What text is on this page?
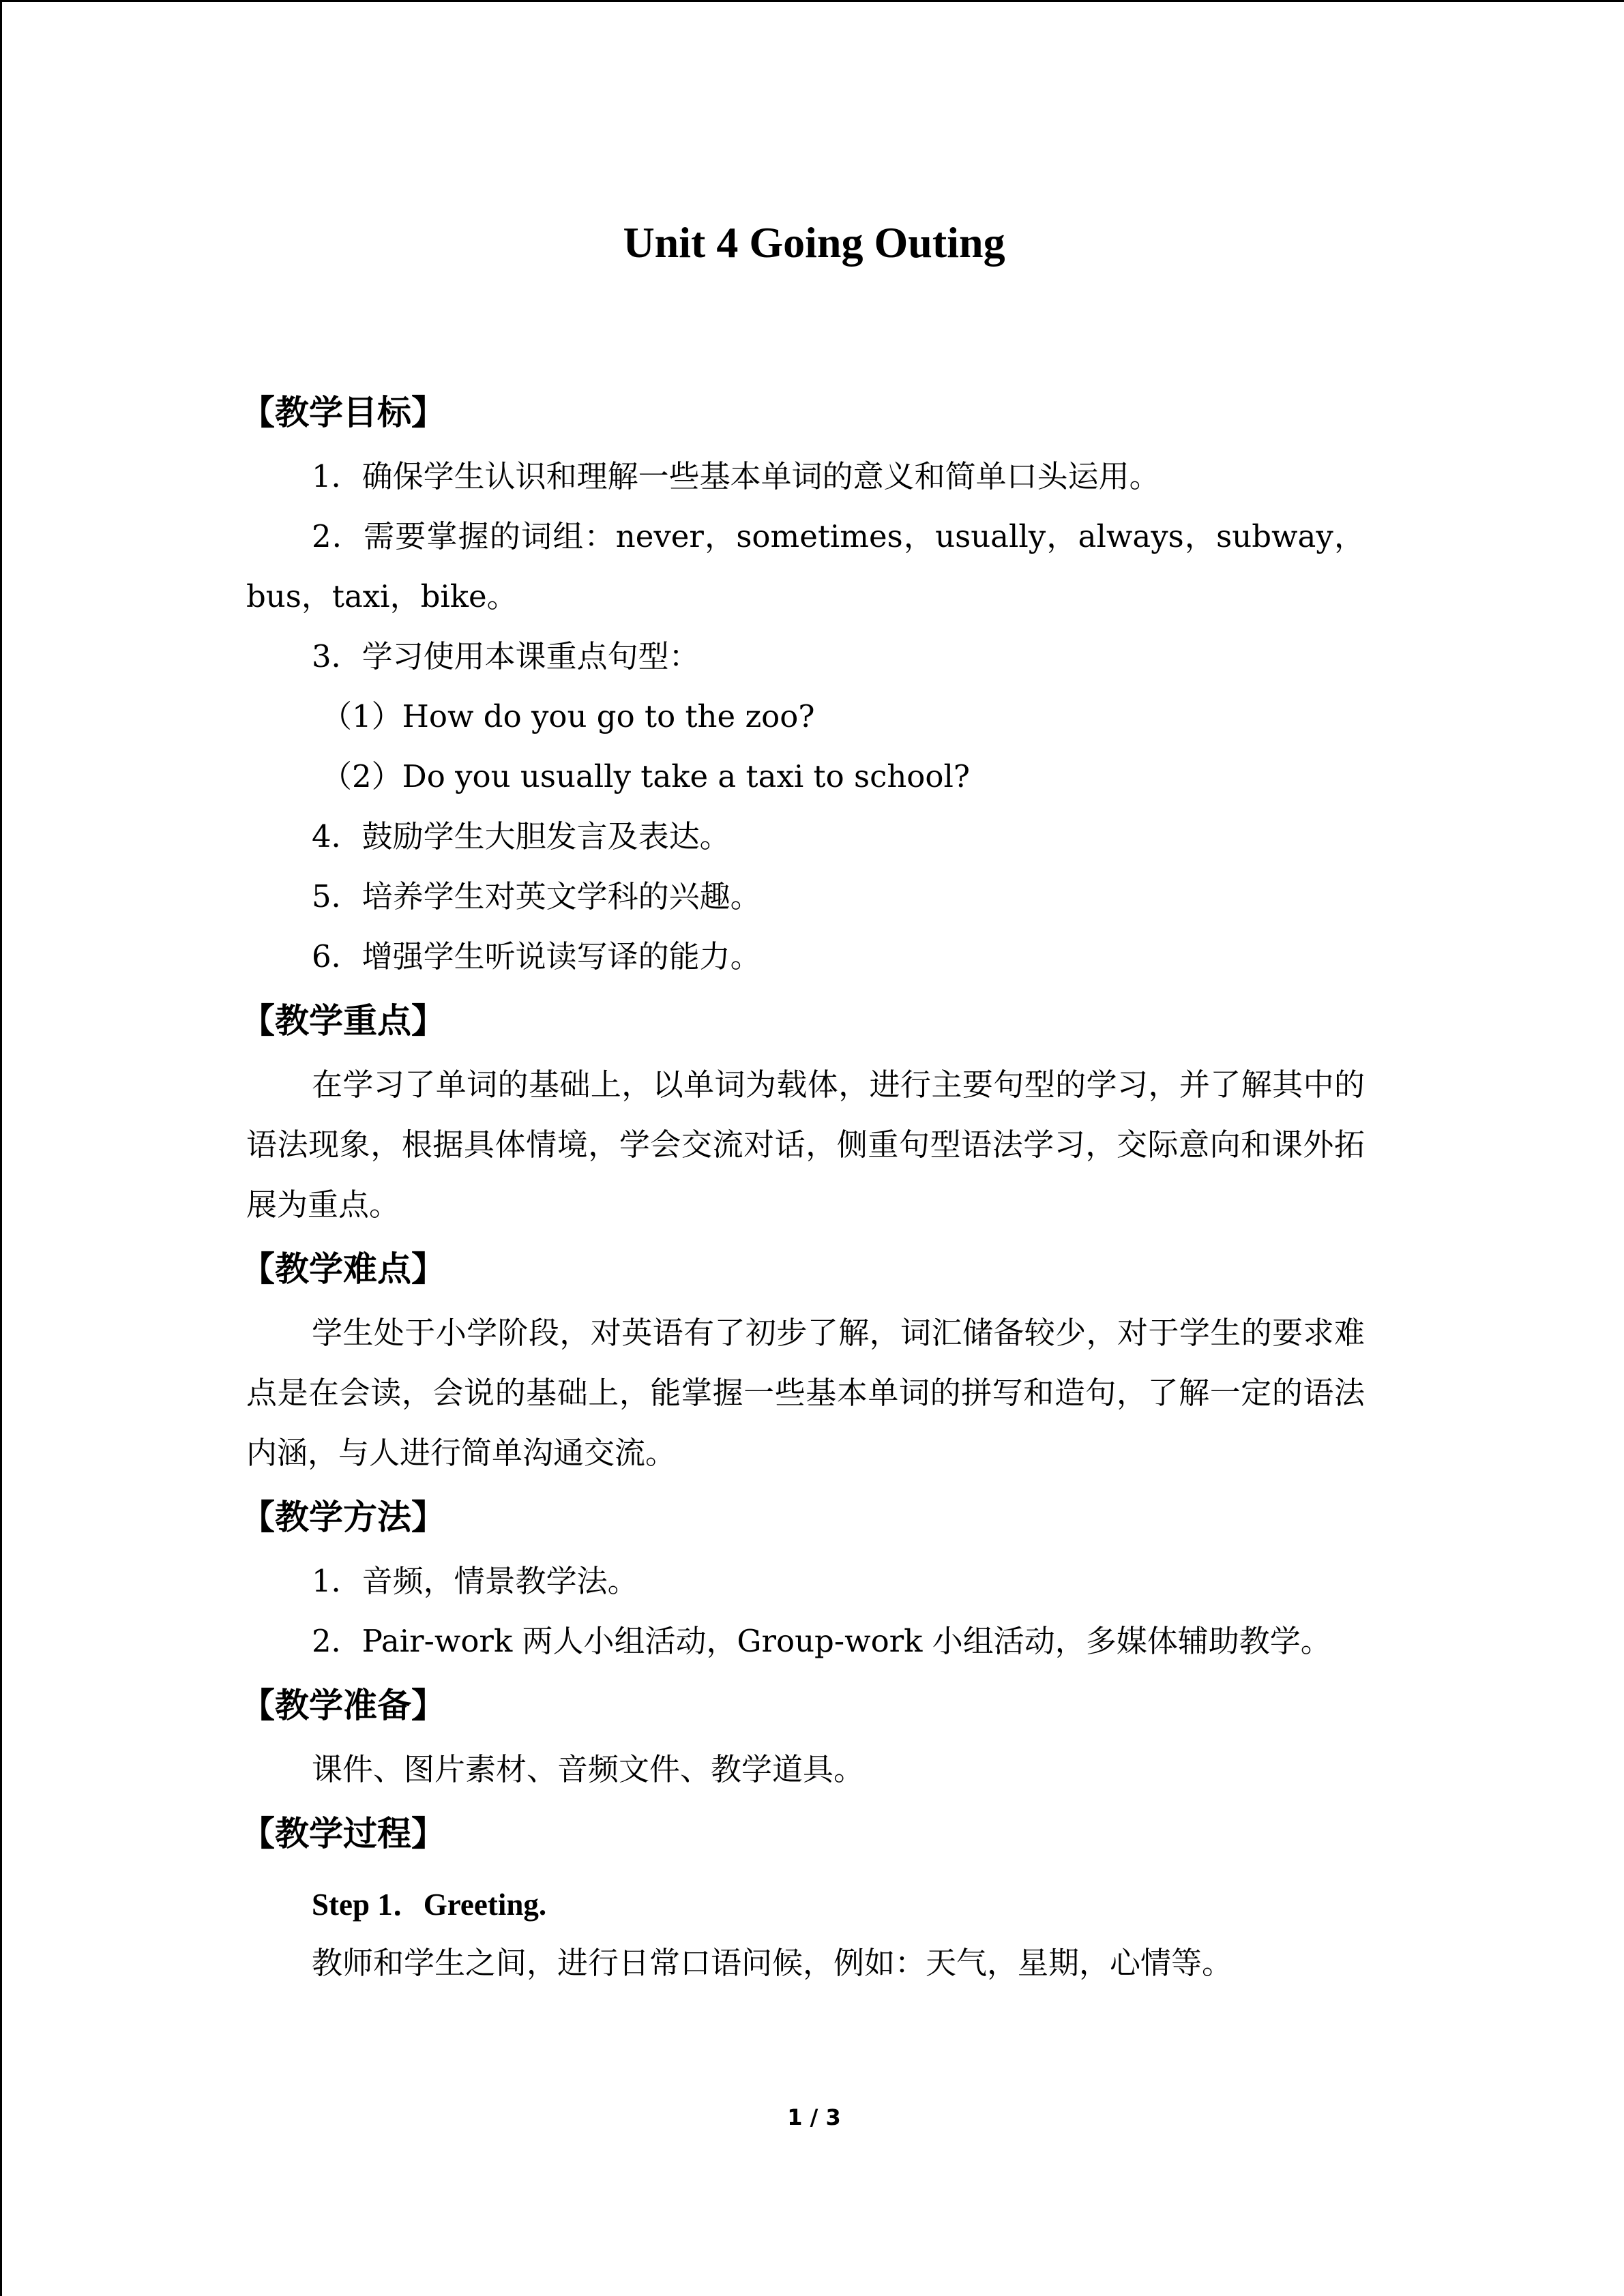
Unit 4 Going Outing
【教学目标】
1．确保学生认识和理解一些基本单词的意义和简单口头运用。
2．需要掌握的词组：never，sometimes，usually，always，subway，bus，taxi，bike。
3．学习使用本课重点句型：
（1）How do you go to the zoo?
（2）Do you usually take a taxi to school?
4．鼓励学生大胆发言及表达。
5．培养学生对英文学科的兴趣。
6．增强学生听说读写译的能力。
【教学重点】
在学习了单词的基础上，以单词为载体，进行主要句型的学习，并了解其中的语法现象，根据具体情境，学会交流对话，侧重句型语法学习，交际意向和课外拓展为重点。
【教学难点】
学生处于小学阶段，对英语有了初步了解，词汇储备较少，对于学生的要求难点是在会读，会说的基础上，能掌握一些基本单词的拼写和造句，了解一定的语法内涵，与人进行简单沟通交流。
【教学方法】
1．音频，情景教学法。
2．Pair-work 两人小组活动，Group-work 小组活动，多媒体辅助教学。
【教学准备】
课件、图片素材、音频文件、教学道具。
【教学过程】
Step 1．Greeting.
教师和学生之间，进行日常口语问候，例如：天气，星期，心情等。
1 / 3
